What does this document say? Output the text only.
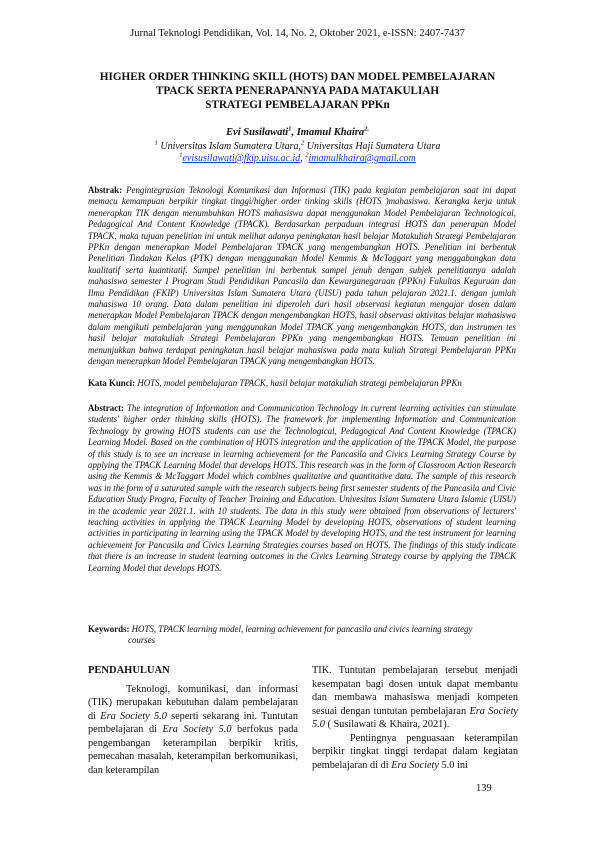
Jurnal Teknologi Pendidikan, Vol. 14, No. 2, Oktober 2021, e-ISSN: 2407-7437
HIGHER ORDER THINKING SKILL (HOTS) DAN MODEL PEMBELAJARAN
TPACK SERTA PENERAPANNYA PADA MATAKULIAH
STRATEGI PEMBELAJARAN PPKn
Evi Susilawati$^1$, Imamul Khaira$^{2,}$
$^1$ Universitas Islam Sumatera Utara,$^2$ Universitas Haji Sumatera Utara
$^1$evisusilawati@fkip.uisu.ac.id, $^2$imamulkhaira@gmail.com
Abstrak: Pengintegrasian Teknologi Komunikasi dan Informasi (TIK) pada kegiatan pembelajaran saat ini dapat memacu kemampuan berpikir tingkat tinggi/higher order tinking skills (HOTS )mahasiswa. Kerangka kerja untuk menerapkan TIK dengan menumbuhkan HOTS mahasiswa dapat menggunakan Model Pembelajaran Technological, Pedagogical And Content Knowledge (TPACK). Berdasarkan perpaduan integrasi HOTS dan penerapan Model TPACK, maka tujuan penelitian ini untuk melihat adanya peningkatan hasil belajar Matakuliah Strategi Pembelajaran PPKn dengan menerapkan Model Pembelajaran TPACK yang mengembangkan HOTS. Penelitian ini berbentuk Penelitian Tindakan Kelas (PTK) dengan menggunakan Model Kemmis & McTaggart yang menggabungkan data kualitatif serta kuantitatif. Sampel penelitian ini berbentuk sampel jenuh dengan subjek penelitiannya adalah mahasiswa semester I Program Studi Pendidikan Pancasila dan Kewarganegaraan (PPKn) Fakultas Keguruan dan Ilmu Pendidikan (FKIP) Universitas Islam Sumatera Utara (UISU) pada tahun pelajaran 2021.1. dengan jumlah mahasiswa 10 orang. Data dalam penelitian ini diperoleh dari hasil observasi kegiatan mengajar dosen dalam menerapkan Model Pembelajaran TPACK dengan mengembangkan HOTS, hasil observasi aktivitas belajar mahasiswa dalam mengikuti pembelajaran yang menggunakan Model TPACK yang mengembangkan HOTS, dan instrumen tes hasil belajar matakuliah Strategi Pembelajaran PPKn yang mengembangkan HOTS. Temuan penelitian ini menunjukkan bahwa terdapat peningkatan hasil belajar mahasiswa pada mata kuliah Strategi Pembelajaran PPKn dengan menerapkan Model Pembelajaran TPACK yang mengembangkan HOTS.
Kata Kunci: HOTS, model pembelajaran TPACK, hasil belajar matakuliah strategi pembelajaran PPKn
Abstract: The integration of Information and Communication Technology in current learning activities can stimulate students' higher order thinking skills (HOTS). The framework for implementing Information and Communication Technology by growing HOTS students can use the Technological, Pedagogical And Content Knowledge (TPACK) Learning Model. Based on the combination of HOTS integration and the application of the TPACK Model, the purpose of this study is to see an increase in learning achievement for the Pancasila and Civics Learning Strategy Course by applying the TPACK Learning Model that develops HOTS. This research was in the form of Classroom Action Research using the Kemmis & McTaggart Model which combines qualitative and quantitative data. The sample of this research was in the form of a saturated sample with the research subjects being first semester students of the Pancasila and Civic Education Study Progra, Faculty of Teacher Training and Education. Univesitas Islam Sumatera Utara Islamic (UISU) in the academic year 2021.1. with 10 students. The data in this study were obtained from observations of lecturers' teaching activities in applying the TPACK Learning Model by developing HOTS, observations of student learning activities in participating in learning using the TPACK Model by developing HOTS, and the test instrument for learning achievement for Pancasila and Civics Learning Strategies courses based on HOTS. The findings of this study indicate that there is an increase in student learning outcomes in the Civics Learning Strategy course by applying the TPACK Learning Model that develops HOTS.
Keywords: HOTS, TPACK learning model, learning achievement for pancasila and civics learning strategy
courses
PENDAHULUAN

Teknologi, komunikasi, dan informasi (TIK) merupakan kebutuhan dalam pembelajaran di Era Society 5.0 seperti sekarang ini. Tuntutan pembelajaran di Era Society 5.0 berfokus pada pengembangan keterampilan berpikir kritis, pemecahan masalah, keterampilan berkomunikasi, dan keterampilan

TIK. Tuntutan pembelajaran tersebut menjadi kesempatan bagi dosen untuk dapat membantu dan membawa mahasiswa menjadi kompeten sesuai dengan tuntutan pembelajaran Era Society 5.0 ( Susilawati & Khaira, 2021).

Pentingnya penguasaan keterampilan berpikir tingkat tinggi terdapat dalam kegiatan pembelajaran di di Era Society 5.0 ini

139
